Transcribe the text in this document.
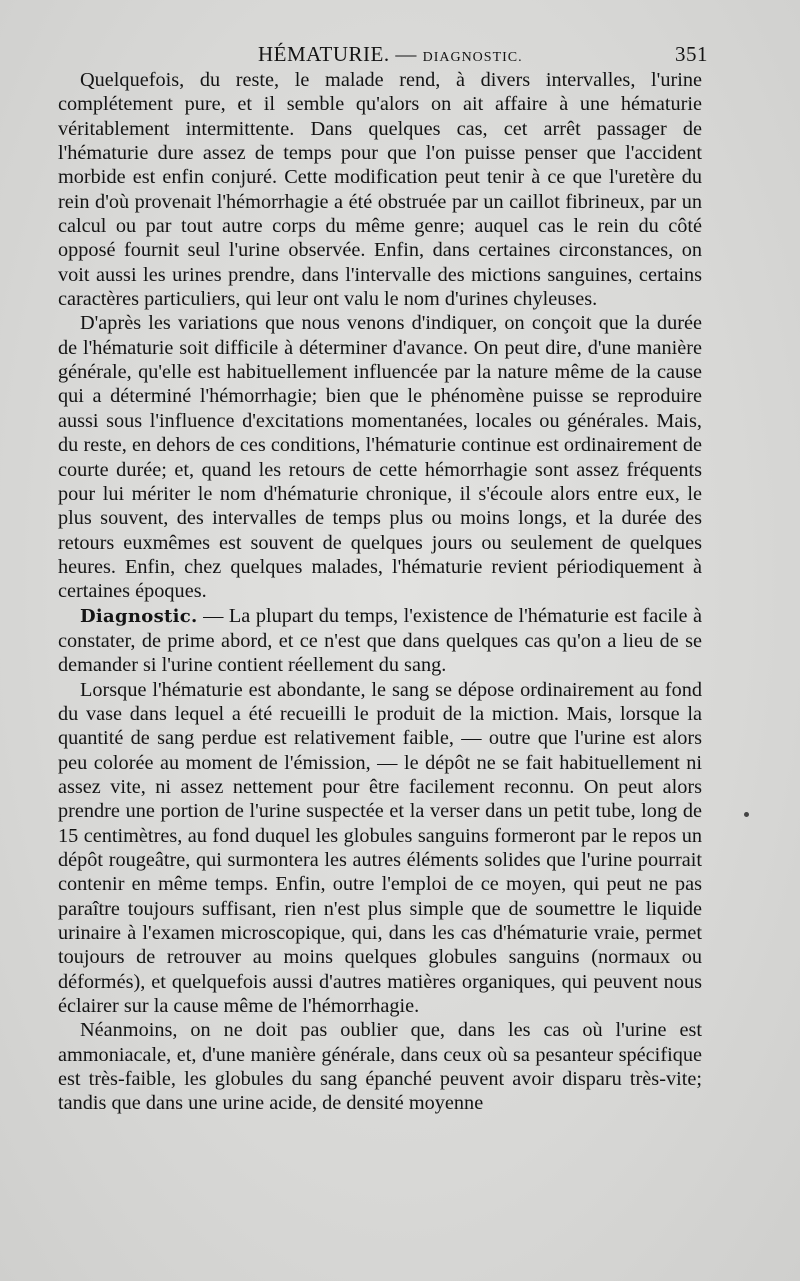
HÉMATURIE. — DIAGNOSTIC.	351

Quelquefois, du reste, le malade rend, à divers intervalles, l'urine complétement pure, et il semble qu'alors on ait affaire à une hématurie véritablement intermittente. Dans quelques cas, cet arrêt passager de l'hématurie dure assez de temps pour que l'on puisse penser que l'accident morbide est enfin conjuré. Cette modification peut tenir à ce que l'uretère du rein d'où provenait l'hémorrhagie a été obstruée par un caillot fibrineux, par un calcul ou par tout autre corps du même genre; auquel cas le rein du côté opposé fournit seul l'urine observée. Enfin, dans certaines circonstances, on voit aussi les urines prendre, dans l'intervalle des mictions sanguines, certains caractères particuliers, qui leur ont valu le nom d'urines chyleuses.

D'après les variations que nous venons d'indiquer, on conçoit que la durée de l'hématurie soit difficile à déterminer d'avance. On peut dire, d'une manière générale, qu'elle est habituellement influencée par la nature même de la cause qui a déterminé l'hémorrhagie; bien que le phénomène puisse se reproduire aussi sous l'influence d'excitations momentanées, locales ou générales. Mais, du reste, en dehors de ces conditions, l'hématurie continue est ordinairement de courte durée; et, quand les retours de cette hémorrhagie sont assez fréquents pour lui mériter le nom d'hématurie chronique, il s'écoule alors entre eux, le plus souvent, des intervalles de temps plus ou moins longs, et la durée des retours euxmêmes est souvent de quelques jours ou seulement de quelques heures. Enfin, chez quelques malades, l'hématurie revient périodiquement à certaines époques.

Diagnostic. — La plupart du temps, l'existence de l'hématurie est facile à constater, de prime abord, et ce n'est que dans quelques cas qu'on a lieu de se demander si l'urine contient réellement du sang.

Lorsque l'hématurie est abondante, le sang se dépose ordinairement au fond du vase dans lequel a été recueilli le produit de la miction. Mais, lorsque la quantité de sang perdue est relativement faible, — outre que l'urine est alors peu colorée au moment de l'émission, — le dépôt ne se fait habituellement ni assez vite, ni assez nettement pour être facilement reconnu. On peut alors prendre une portion de l'urine suspectée et la verser dans un petit tube, long de 15 centimètres, au fond duquel les globules sanguins formeront par le repos un dépôt rougeâtre, qui surmontera les autres éléments solides que l'urine pourrait contenir en même temps. Enfin, outre l'emploi de ce moyen, qui peut ne pas paraître toujours suffisant, rien n'est plus simple que de soumettre le liquide urinaire à l'examen microscopique, qui, dans les cas d'hématurie vraie, permet toujours de retrouver au moins quelques globules sanguins (normaux ou déformés), et quelquefois aussi d'autres matières organiques, qui peuvent nous éclairer sur la cause même de l'hémorrhagie.

Néanmoins, on ne doit pas oublier que, dans les cas où l'urine est ammoniacale, et, d'une manière générale, dans ceux où sa pesanteur spécifique est très-faible, les globules du sang épanché peuvent avoir disparu très-vite; tandis que dans une urine acide, de densité moyenne
